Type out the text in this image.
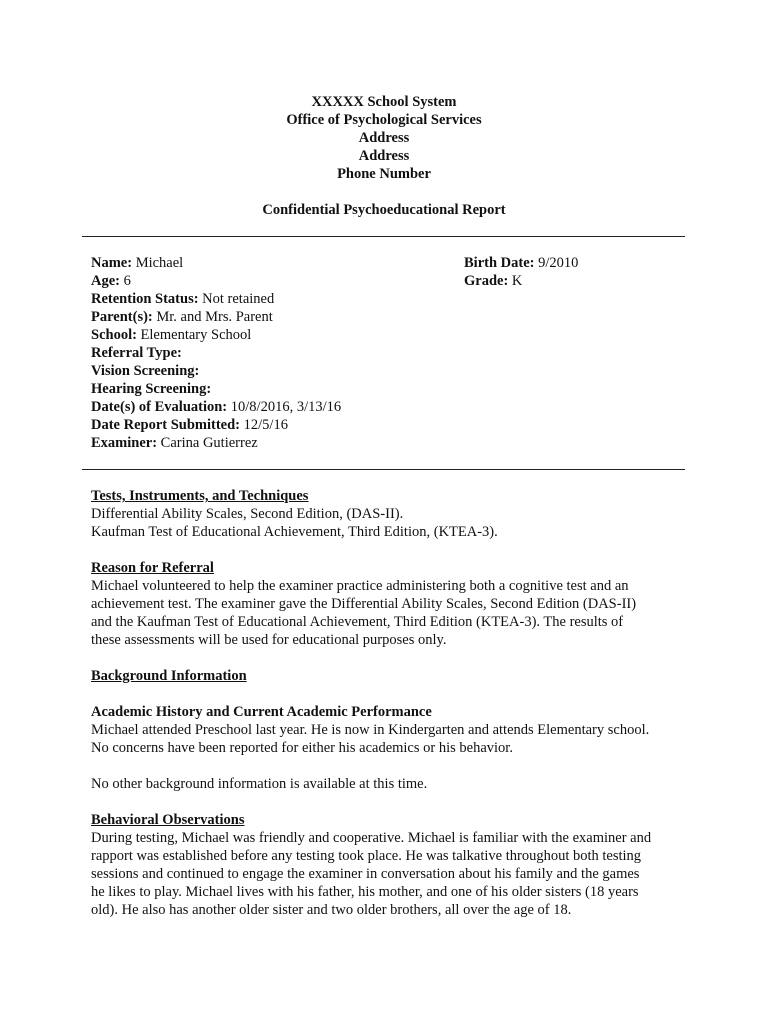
XXXXX School System
Office of Psychological Services
Address
Address
Phone Number
Confidential Psychoeducational Report
Name: Michael
Age: 6
Retention Status: Not retained
Parent(s): Mr. and Mrs. Parent
School: Elementary School
Referral Type:
Vision Screening:
Hearing Screening:
Date(s) of Evaluation: 10/8/2016, 3/13/16
Date Report Submitted: 12/5/16
Examiner: Carina Gutierrez
Birth Date: 9/2010
Grade: K
Tests, Instruments, and Techniques

Differential Ability Scales, Second Edition, (DAS-II).

Kaufman Test of Educational Achievement, Third Edition, (KTEA-3).

Reason for Referral

Michael volunteered to help the examiner practice administering both a cognitive test and an

achievement test. The examiner gave the Differential Ability Scales, Second Edition (DAS-II)

and the Kaufman Test of Educational Achievement, Third Edition (KTEA-3). The results of

these assessments will be used for educational purposes only.

Background Information
Academic History and Current Academic Performance

Michael attended Preschool last year. He is now in Kindergarten and attends Elementary school.

No concerns have been reported for either his academics or his behavior.

No other background information is available at this time.

Behavioral Observations

During testing, Michael was friendly and cooperative. Michael is familiar with the examiner and

rapport was established before any testing took place. He was talkative throughout both testing

sessions and continued to engage the examiner in conversation about his family and the games

he likes to play. Michael lives with his father, his mother, and one of his older sisters (18 years

old). He also has another older sister and two older brothers, all over the age of 18.
